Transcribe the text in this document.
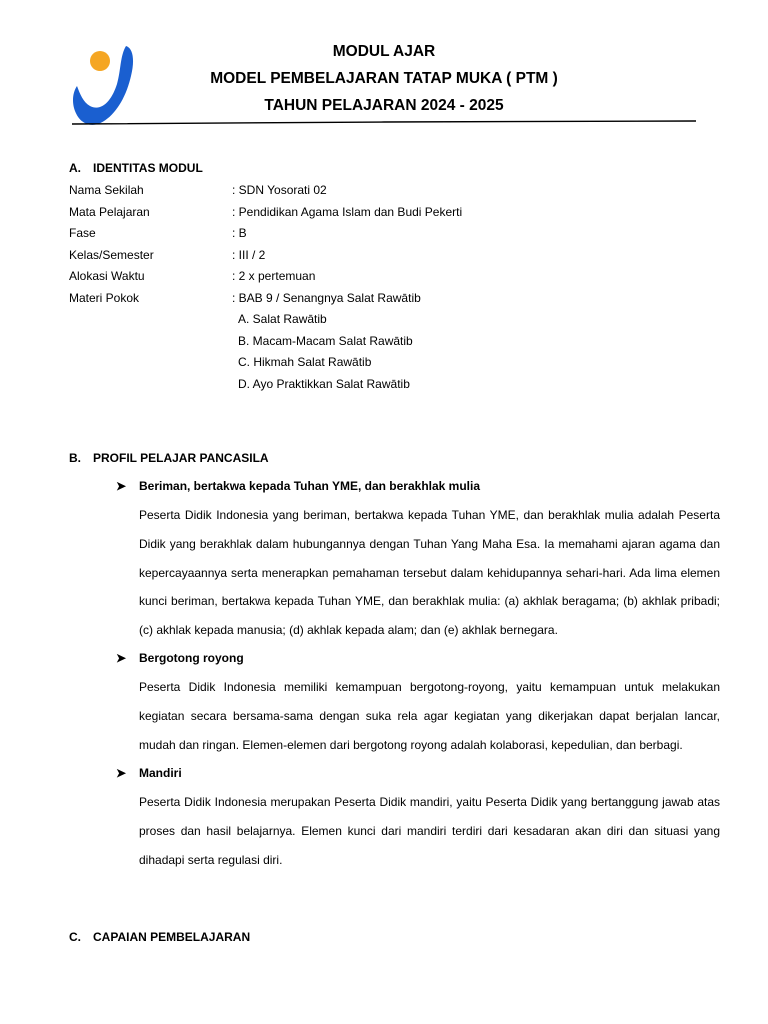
MODUL AJAR
MODEL PEMBELAJARAN TATAP MUKA ( PTM )
TAHUN PELAJARAN 2024 - 2025
A. IDENTITAS MODUL
Nama Sekilah	: SDN Yosorati 02
Mata Pelajaran	: Pendidikan Agama Islam dan Budi Pekerti
Fase	: B
Kelas/Semester	: III / 2
Alokasi Waktu	: 2 x pertemuan
Materi Pokok	: BAB 9 / Senangnya Salat Rawātib
A. Salat Rawātib
B. Macam-Macam Salat Rawātib
C. Hikmah Salat Rawātib
D. Ayo Praktikkan Salat Rawātib
B. PROFIL PELAJAR PANCASILA
➤ Beriman, bertakwa kepada Tuhan YME, dan berakhlak mulia
Peserta Didik Indonesia yang beriman, bertakwa kepada Tuhan YME, dan berakhlak mulia adalah Peserta Didik yang berakhlak dalam hubungannya dengan Tuhan Yang Maha Esa. Ia memahami ajaran agama dan kepercayaannya serta menerapkan pemahaman tersebut dalam kehidupannya sehari-hari. Ada lima elemen kunci beriman, bertakwa kepada Tuhan YME, dan berakhlak mulia: (a) akhlak beragama; (b) akhlak pribadi; (c) akhlak kepada manusia; (d) akhlak kepada alam; dan (e) akhlak bernegara.
➤ Bergotong royong
Peserta Didik Indonesia memiliki kemampuan bergotong-royong, yaitu kemampuan untuk melakukan kegiatan secara bersama-sama dengan suka rela agar kegiatan yang dikerjakan dapat berjalan lancar, mudah dan ringan. Elemen-elemen dari bergotong royong adalah kolaborasi, kepedulian, dan berbagi.
➤ Mandiri
Peserta Didik Indonesia merupakan Peserta Didik mandiri, yaitu Peserta Didik yang bertanggung jawab atas proses dan hasil belajarnya. Elemen kunci dari mandiri terdiri dari kesadaran akan diri dan situasi yang dihadapi serta regulasi diri.
C. CAPAIAN PEMBELAJARAN
